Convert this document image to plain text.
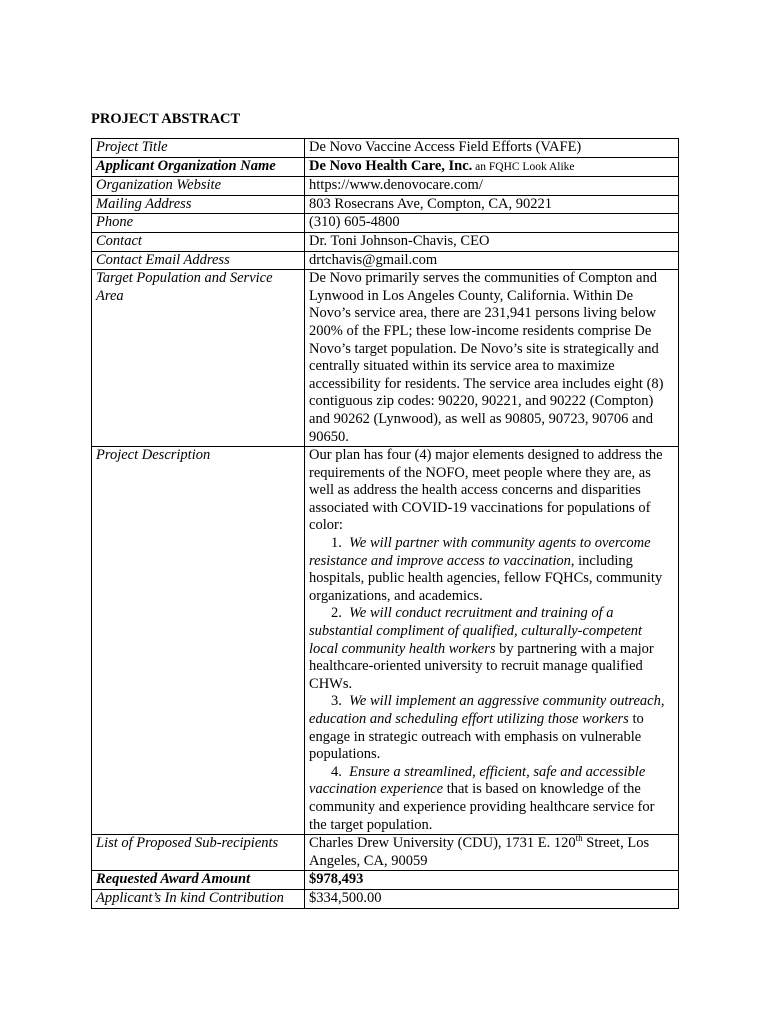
PROJECT ABSTRACT
Project Title	De Novo Vaccine Access Field Efforts (VAFE)
Applicant Organization Name	De Novo Health Care, Inc. an FQHC Look Alike
Organization Website	https://www.denovocare.com/
Mailing Address	803 Rosecrans Ave, Compton, CA, 90221
Phone	(310) 605-4800
Contact	Dr. Toni Johnson-Chavis, CEO
Contact Email Address	drtchavis@gmail.com
Target Population and Service Area	De Novo primarily serves the communities of Compton and Lynwood in Los Angeles County, California. Within De Novo’s service area, there are 231,941 persons living below 200% of the FPL; these low-income residents comprise De Novo’s target population. De Novo’s site is strategically and centrally situated within its service area to maximize accessibility for residents. The service area includes eight (8) contiguous zip codes: 90220, 90221, and 90222 (Compton) and 90262 (Lynwood), as well as 90805, 90723, 90706 and 90650.
Project Description	Our plan has four (4) major elements designed to address the requirements of the NOFO, meet people where they are, as well as address the health access concerns and disparities associated with COVID-19 vaccinations for populations of color:
1. We will partner with community agents to overcome resistance and improve access to vaccination, including hospitals, public health agencies, fellow FQHCs, community organizations, and academics.
2. We will conduct recruitment and training of a substantial compliment of qualified, culturally-competent local community health workers by partnering with a major healthcare-oriented university to recruit manage qualified CHWs.
3. We will implement an aggressive community outreach, education and scheduling effort utilizing those workers to engage in strategic outreach with emphasis on vulnerable populations.
4. Ensure a streamlined, efficient, safe and accessible vaccination experience that is based on knowledge of the community and experience providing healthcare service for the target population.

List of Proposed Sub-recipients	Charles Drew University (CDU), 1731 E. 120th Street, Los Angeles, CA, 90059
Requested Award Amount	$978,493
Applicant’s In kind Contribution	$334,500.00
